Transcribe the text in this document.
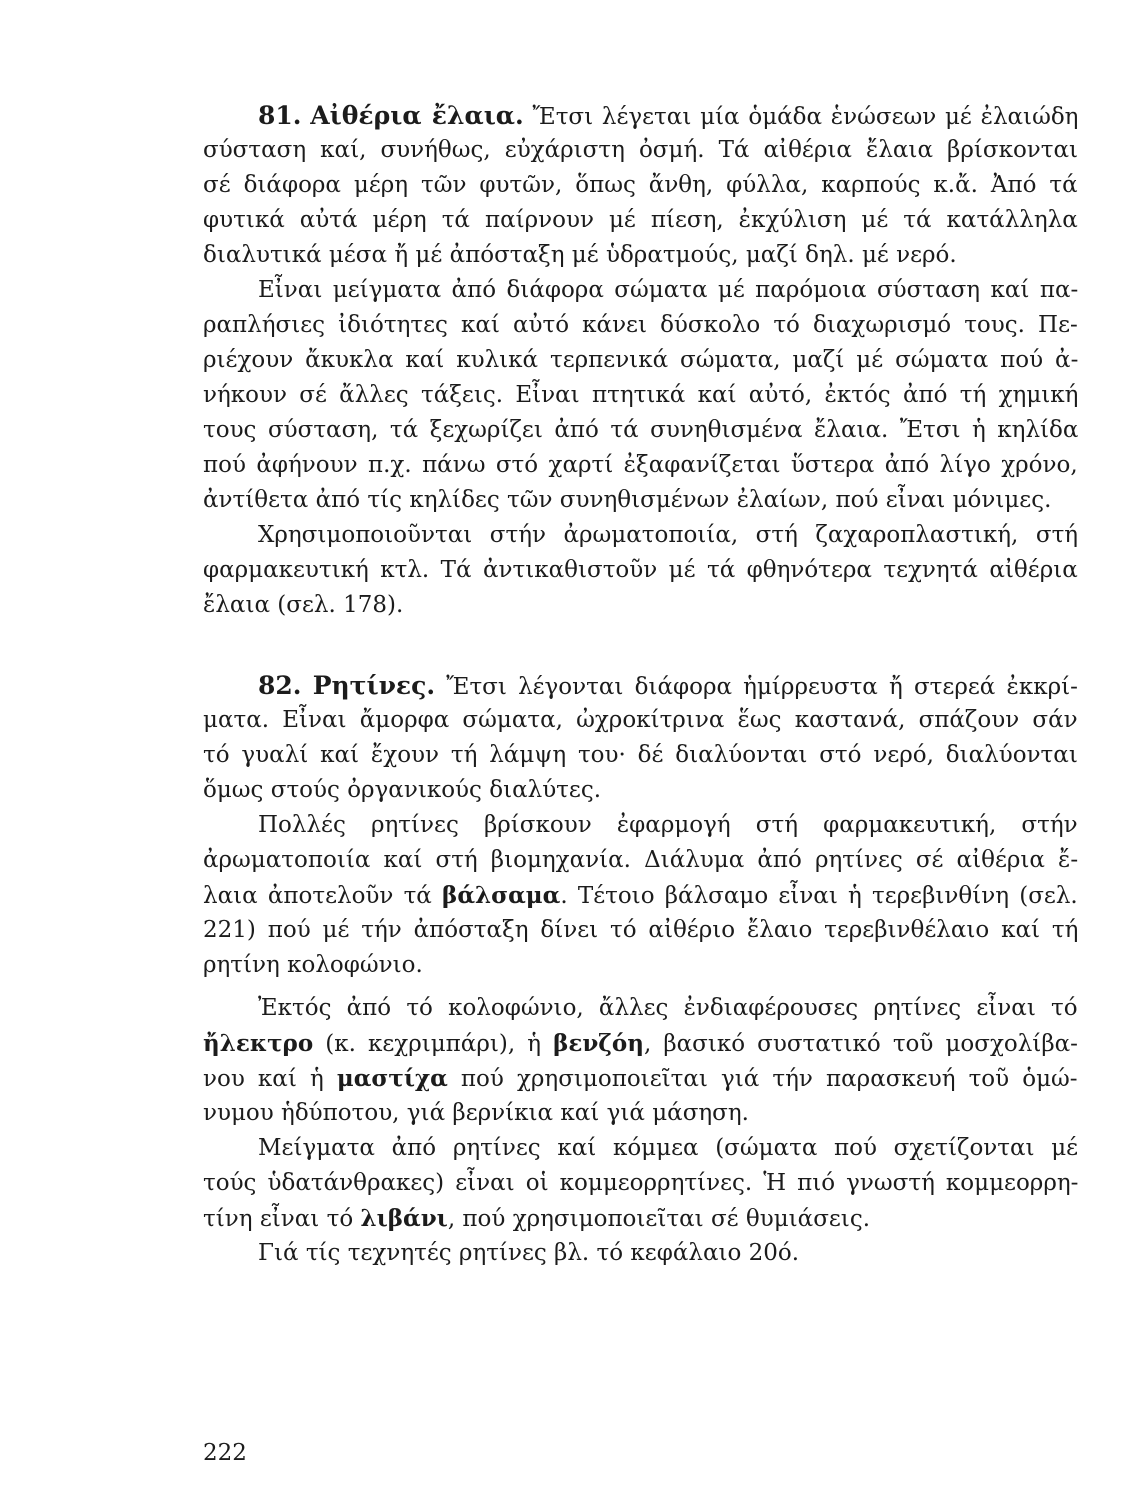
81. Αἰθέρια ἔλαια. Ἔτσι λέγεται μία ὁμάδα ἑνώσεων μέ ἐλαιώδη
σύσταση καί, συνήθως, εὐχάριστη ὀσμή. Τά αἰθέρια ἔλαια βρίσκονται
σέ διάφορα μέρη τῶν φυτῶν, ὅπως ἄνθη, φύλλα, καρπούς κ.ἄ. Ἀπό τά
φυτικά αὐτά μέρη τά παίρνουν μέ πίεση, ἐκχύλιση μέ τά κατάλληλα
διαλυτικά μέσα ἤ μέ ἀπόσταξη μέ ὑδρατμούς, μαζί δηλ. μέ νερό.
Εἶναι μείγματα ἀπό διάφορα σώματα μέ παρόμοια σύσταση καί πα-
ραπλήσιες ἰδιότητες καί αὐτό κάνει δύσκολο τό διαχωρισμό τους. Πε-
ριέχουν ἄκυκλα καί κυλικά τερπενικά σώματα, μαζί μέ σώματα πού ἀ-
νήκουν σέ ἄλλες τάξεις. Εἶναι πτητικά καί αὐτό, ἐκτός ἀπό τή χημική
τους σύσταση, τά ξεχωρίζει ἀπό τά συνηθισμένα ἔλαια. Ἔτσι ἡ κηλίδα
πού ἀφήνουν π.χ. πάνω στό χαρτί ἐξαφανίζεται ὕστερα ἀπό λίγο χρόνο,
ἀντίθετα ἀπό τίς κηλίδες τῶν συνηθισμένων ἐλαίων, πού εἶναι μόνιμες.
Χρησιμοποιοῦνται στήν ἀρωματοποιία, στή ζαχαροπλαστική, στή
φαρμακευτική κτλ. Τά ἀντικαθιστοῦν μέ τά φθηνότερα τεχνητά αἰθέρια
ἔλαια (σελ. 178).
82. Ρητίνες. Ἔτσι λέγονται διάφορα ἡμίρρευστα ἤ στερεά ἐκκρί-
ματα. Εἶναι ἄμορφα σώματα, ὠχροκίτρινα ἕως καστανά, σπάζουν σάν
τό γυαλί καί ἔχουν τή λάμψη του· δέ διαλύονται στό νερό, διαλύονται
ὅμως στούς ὀργανικούς διαλύτες.
Πολλές ρητίνες βρίσκουν ἐφαρμογή στή φαρμακευτική, στήν
ἀρωματοποιία καί στή βιομηχανία. Διάλυμα ἀπό ρητίνες σέ αἰθέρια ἔ-
λαια ἀποτελοῦν τά βάλσαμα. Τέτοιο βάλσαμο εἶναι ἡ τερεβινθίνη (σελ.
221) πού μέ τήν ἀπόσταξη δίνει τό αἰθέριο ἔλαιο τερεβινθέλαιο καί τή
ρητίνη κολοφώνιο.
Ἐκτός ἀπό τό κολοφώνιο, ἄλλες ἐνδιαφέρουσες ρητίνες εἶναι τό
ἤλεκτρο (κ. κεχριμπάρι), ἡ βενζόη, βασικό συστατικό τοῦ μοσχολίβα-
νου καί ἡ μαστίχα πού χρησιμοποιεῖται γιά τήν παρασκευή τοῦ ὁμώ-
νυμου ἡδύποτου, γιά βερνίκια καί γιά μάσηση.
Μείγματα ἀπό ρητίνες καί κόμμεα (σώματα πού σχετίζονται μέ
τούς ὑδατάνθρακες) εἶναι οἱ κομμεορρητίνες. Ἡ πιό γνωστή κομμεορρη-
τίνη εἶναι τό λιβάνι, πού χρησιμοποιεῖται σέ θυμιάσεις.
Γιά τίς τεχνητές ρητίνες βλ. τό κεφάλαιο 20ό.
222
